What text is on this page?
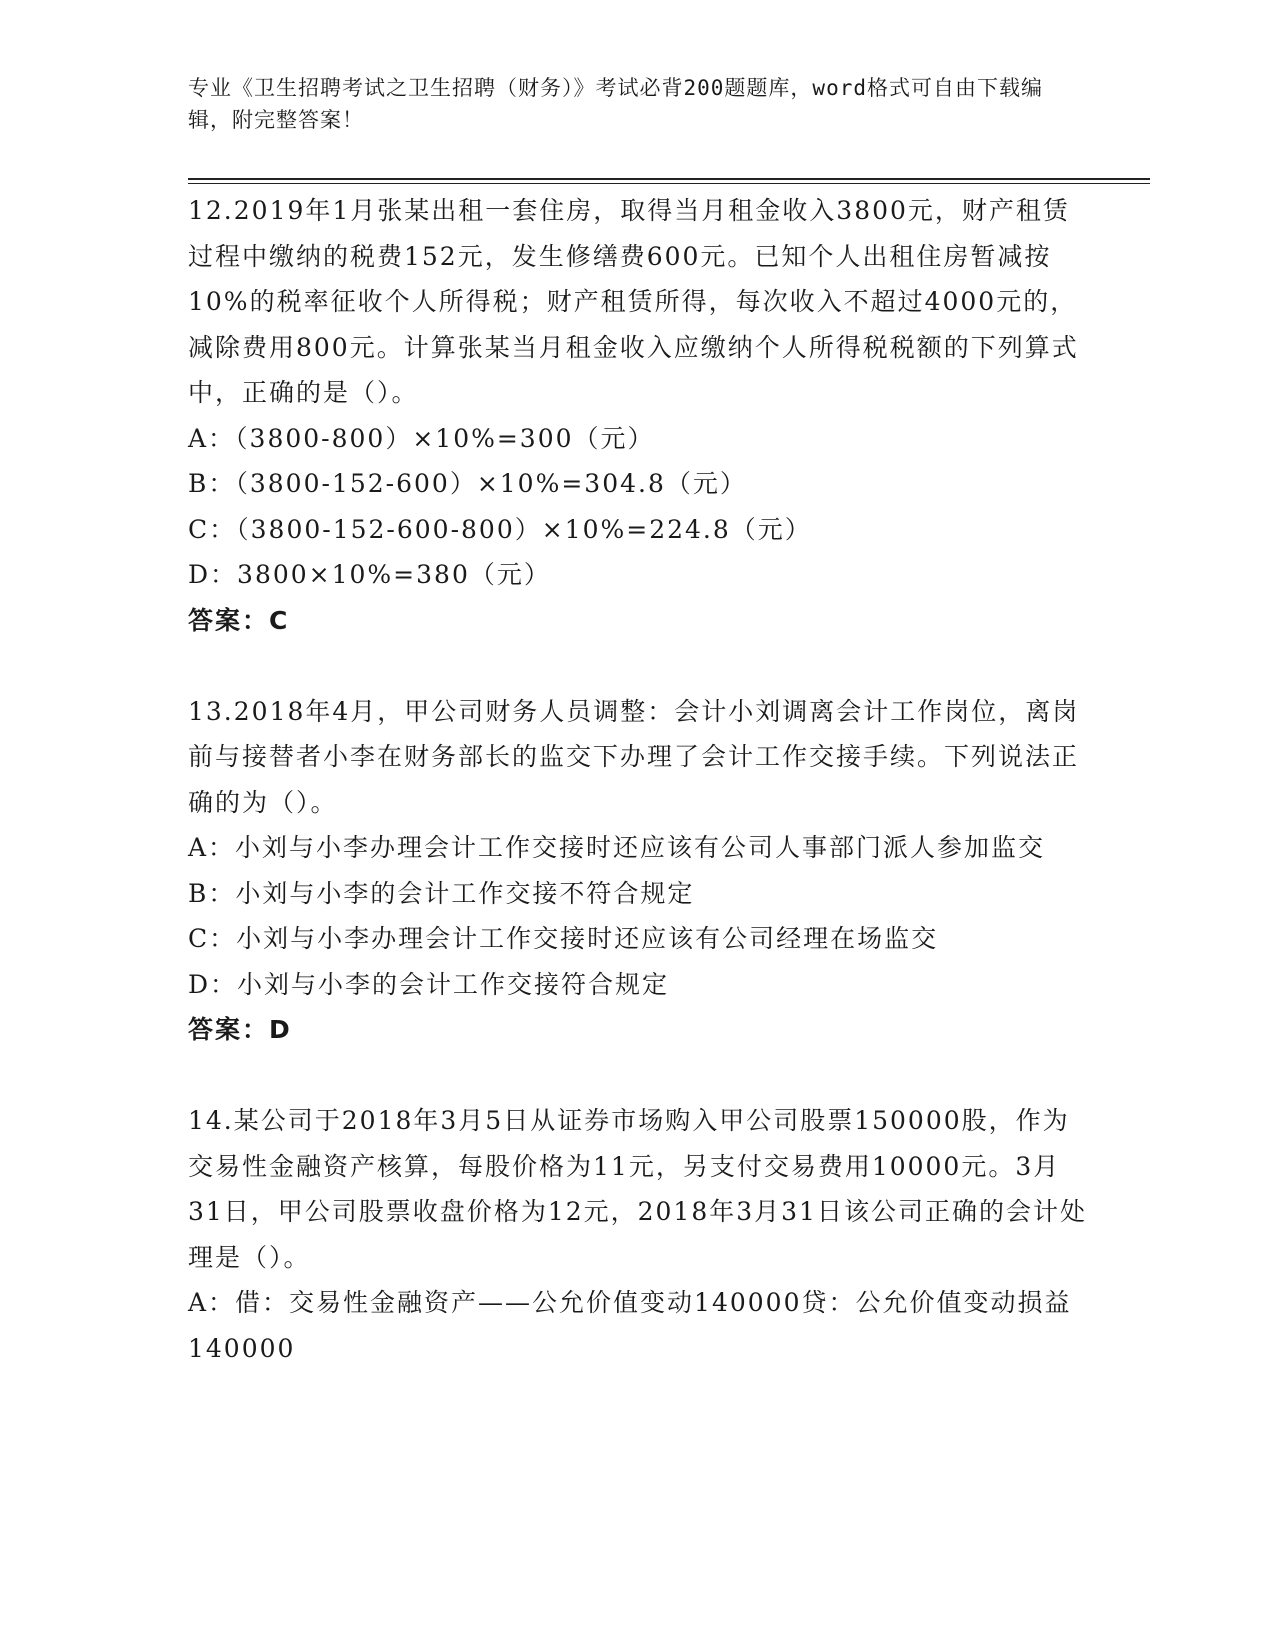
专业《卫生招聘考试之卫生招聘（财务）》考试必背200题题库，word格式可自由下载编辑，附完整答案！
12.2019年1月张某出租一套住房，取得当月租金收入3800元，财产租赁过程中缴纳的税费152元，发生修缮费600元。已知个人出租住房暂减按10%的税率征收个人所得税；财产租赁所得，每次收入不超过4000元的，减除费用800元。计算张某当月租金收入应缴纳个人所得税税额的下列算式中，正确的是（）。
A：（3800-800）×10%=300（元）
B：（3800-152-600）×10%=304.8（元）
C：（3800-152-600-800）×10%=224.8（元）
D：3800×10%=380（元）
答案：C
13.2018年4月，甲公司财务人员调整：会计小刘调离会计工作岗位，离岗前与接替者小李在财务部长的监交下办理了会计工作交接手续。下列说法正确的为（）。
A：小刘与小李办理会计工作交接时还应该有公司人事部门派人参加监交
B：小刘与小李的会计工作交接不符合规定
C：小刘与小李办理会计工作交接时还应该有公司经理在场监交
D：小刘与小李的会计工作交接符合规定
答案：D
14.某公司于2018年3月5日从证券市场购入甲公司股票150000股，作为交易性金融资产核算，每股价格为11元，另支付交易费用10000元。3月31日，甲公司股票收盘价格为12元，2018年3月31日该公司正确的会计处理是（）。
A：借：交易性金融资产——公允价值变动140000贷：公允价值变动损益140000
